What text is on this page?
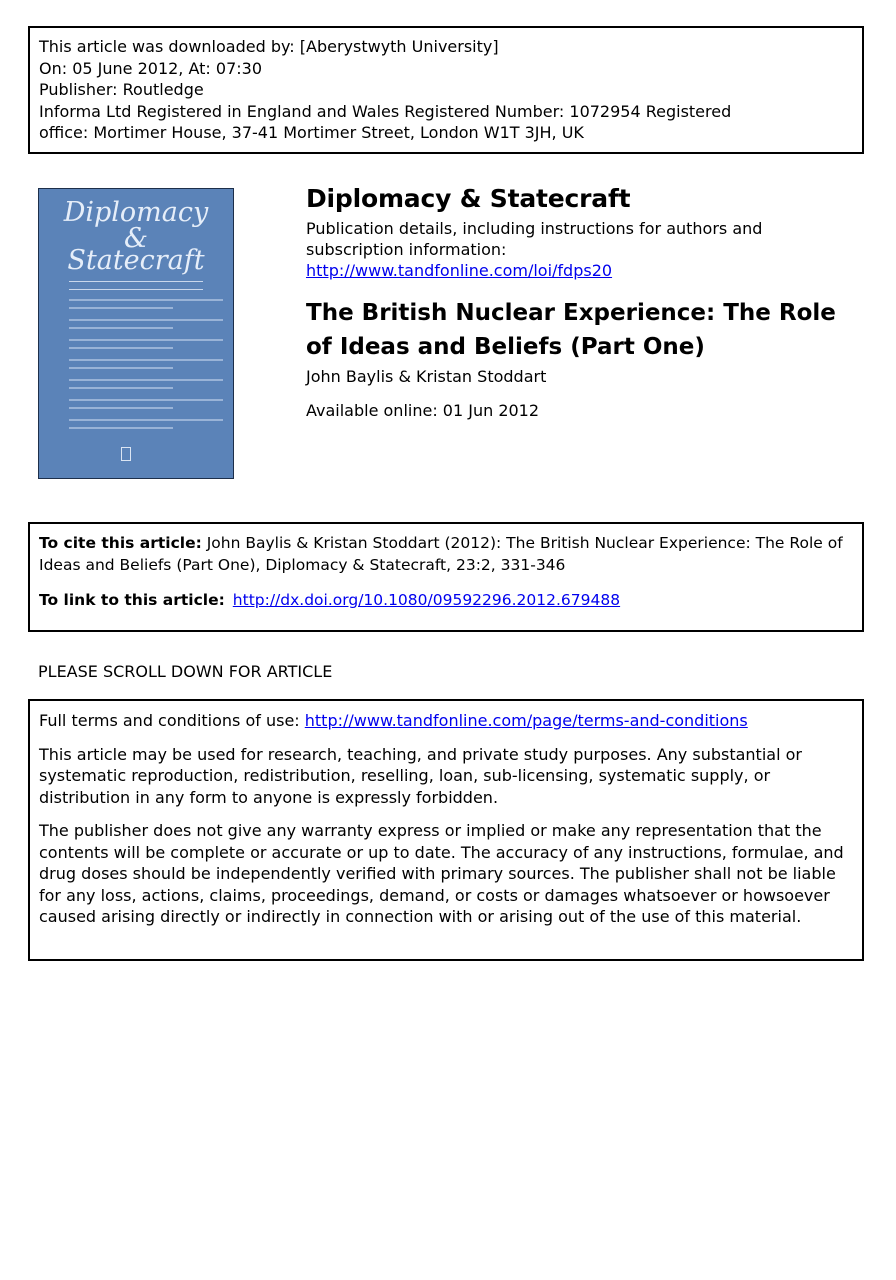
This article was downloaded by: [Aberystwyth University]
On: 05 June 2012, At: 07:30
Publisher: Routledge
Informa Ltd Registered in England and Wales Registered Number: 1072954 Registered
office: Mortimer House, 37-41 Mortimer Street, London W1T 3JH, UK
Diplomacy
&
Statecraft
Diplomacy & Statecraft
Publication details, including instructions for authors and subscription information:
http://www.tandfonline.com/loi/fdps20
The British Nuclear Experience: The Role of Ideas and Beliefs (Part One)
John Baylis & Kristan Stoddart
Available online: 01 Jun 2012
To cite this article: John Baylis & Kristan Stoddart (2012): The British Nuclear Experience: The Role of Ideas and Beliefs (Part One), Diplomacy & Statecraft, 23:2, 331-346
To link to this article: http://dx.doi.org/10.1080/09592296.2012.679488
PLEASE SCROLL DOWN FOR ARTICLE

Full terms and conditions of use: http://www.tandfonline.com/page/terms-and-conditions

This article may be used for research, teaching, and private study purposes. Any substantial or systematic reproduction, redistribution, reselling, loan, sub-licensing, systematic supply, or distribution in any form to anyone is expressly forbidden.

The publisher does not give any warranty express or implied or make any representation that the contents will be complete or accurate or up to date. The accuracy of any instructions, formulae, and drug doses should be independently verified with primary sources. The publisher shall not be liable for any loss, actions, claims, proceedings, demand, or costs or damages whatsoever or howsoever caused arising directly or indirectly in connection with or arising out of the use of this material.
